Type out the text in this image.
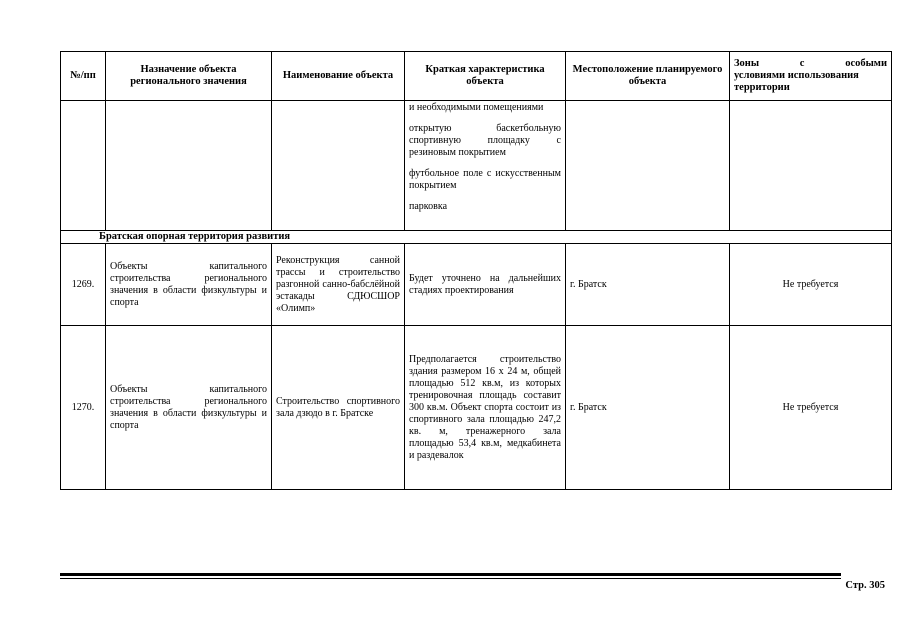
№/пп	Назначение объекта регионального значения	Наименование объекта	Краткая характеристика объекта	Местоположение планируемого объекта	Зоны с особыми
условиями использования территории

			и необходимыми помещениями
открытую баскетбольную спортивную площадку с резиновым покрытием
футбольное поле с искусственным покрытием
парковка		

Братская опорная территория развития					
1269.	Объекты капитального строительства регионального значения в области физкультуры и спорта	Реконструкция санной трассы и строительство разгонной санно-бабслёйной эстакады СДЮСШОР «Олимп»	Будет уточнено на дальнейших стадиях проектирования	г. Братск	Не требуется
1270.	Объекты капитального строительства регионального значения в области физкультуры и спорта	Строительство спортивного зала дзюдо в г. Братске	Предполагается строительство здания размером 16 х 24 м, общей площадью 512 кв.м, из которых тренировочная площадь составит 300 кв.м. Объект спорта состоит из спортивного зала площадью 247,2 кв. м, тренажерного зала площадью 53,4 кв.м, медкабинета и раздевалок	г. Братск	Не требуется
Стр. 305
